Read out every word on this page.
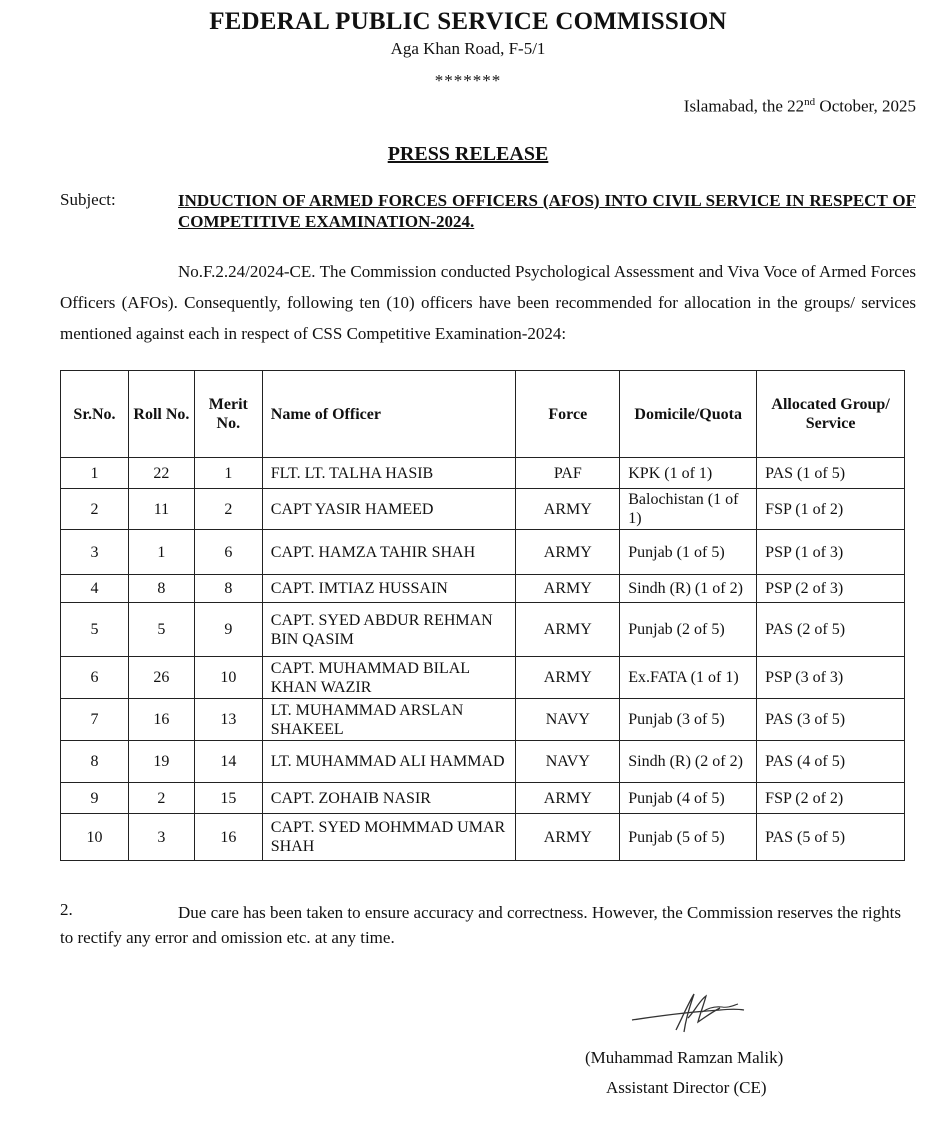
FEDERAL PUBLIC SERVICE COMMISSION
Aga Khan Road, F-5/1
*******
Islamabad, the 22nd October, 2025
PRESS RELEASE
Subject:	INDUCTION OF ARMED FORCES OFFICERS (AFOS) INTO CIVIL SERVICE IN RESPECT OF COMPETITIVE EXAMINATION-2024.
No.F.2.24/2024-CE. The Commission conducted Psychological Assessment and Viva Voce of Armed Forces Officers (AFOs). Consequently, following ten (10) officers have been recommended for allocation in the groups/ services mentioned against each in respect of CSS Competitive Examination-2024:
Sr.No.	Roll No.	Merit No.	Name of Officer	Force	Domicile/Quota	Allocated Group/ Service
1	22	1	FLT. LT. TALHA HASIB	PAF	KPK (1 of 1)	PAS (1 of 5)
2	11	2	CAPT YASIR HAMEED	ARMY	Balochistan (1 of 1)	FSP (1 of 2)
3	1	6	CAPT. HAMZA TAHIR SHAH	ARMY	Punjab (1 of 5)	PSP (1 of 3)
4	8	8	CAPT. IMTIAZ HUSSAIN	ARMY	Sindh (R) (1 of 2)	PSP (2 of 3)
5	5	9	CAPT. SYED ABDUR REHMAN BIN QASIM	ARMY	Punjab (2 of 5)	PAS (2 of 5)
6	26	10	CAPT. MUHAMMAD BILAL KHAN WAZIR	ARMY	Ex.FATA (1 of 1)	PSP (3 of 3)
7	16	13	LT. MUHAMMAD ARSLAN SHAKEEL	NAVY	Punjab (3 of 5)	PAS (3 of 5)
8	19	14	LT. MUHAMMAD ALI HAMMAD	NAVY	Sindh (R) (2 of 2)	PAS (4 of 5)
9	2	15	CAPT. ZOHAIB NASIR	ARMY	Punjab (4 of 5)	FSP (2 of 2)
10	3	16	CAPT. SYED MOHMMAD UMAR SHAH	ARMY	Punjab (5 of 5)	PAS (5 of 5)
2.	Due care has been taken to ensure accuracy and correctness. However, the Commission reserves the rights to rectify any error and omission etc. at any time.
(Muhammad Ramzan Malik)
Assistant Director (CE)
